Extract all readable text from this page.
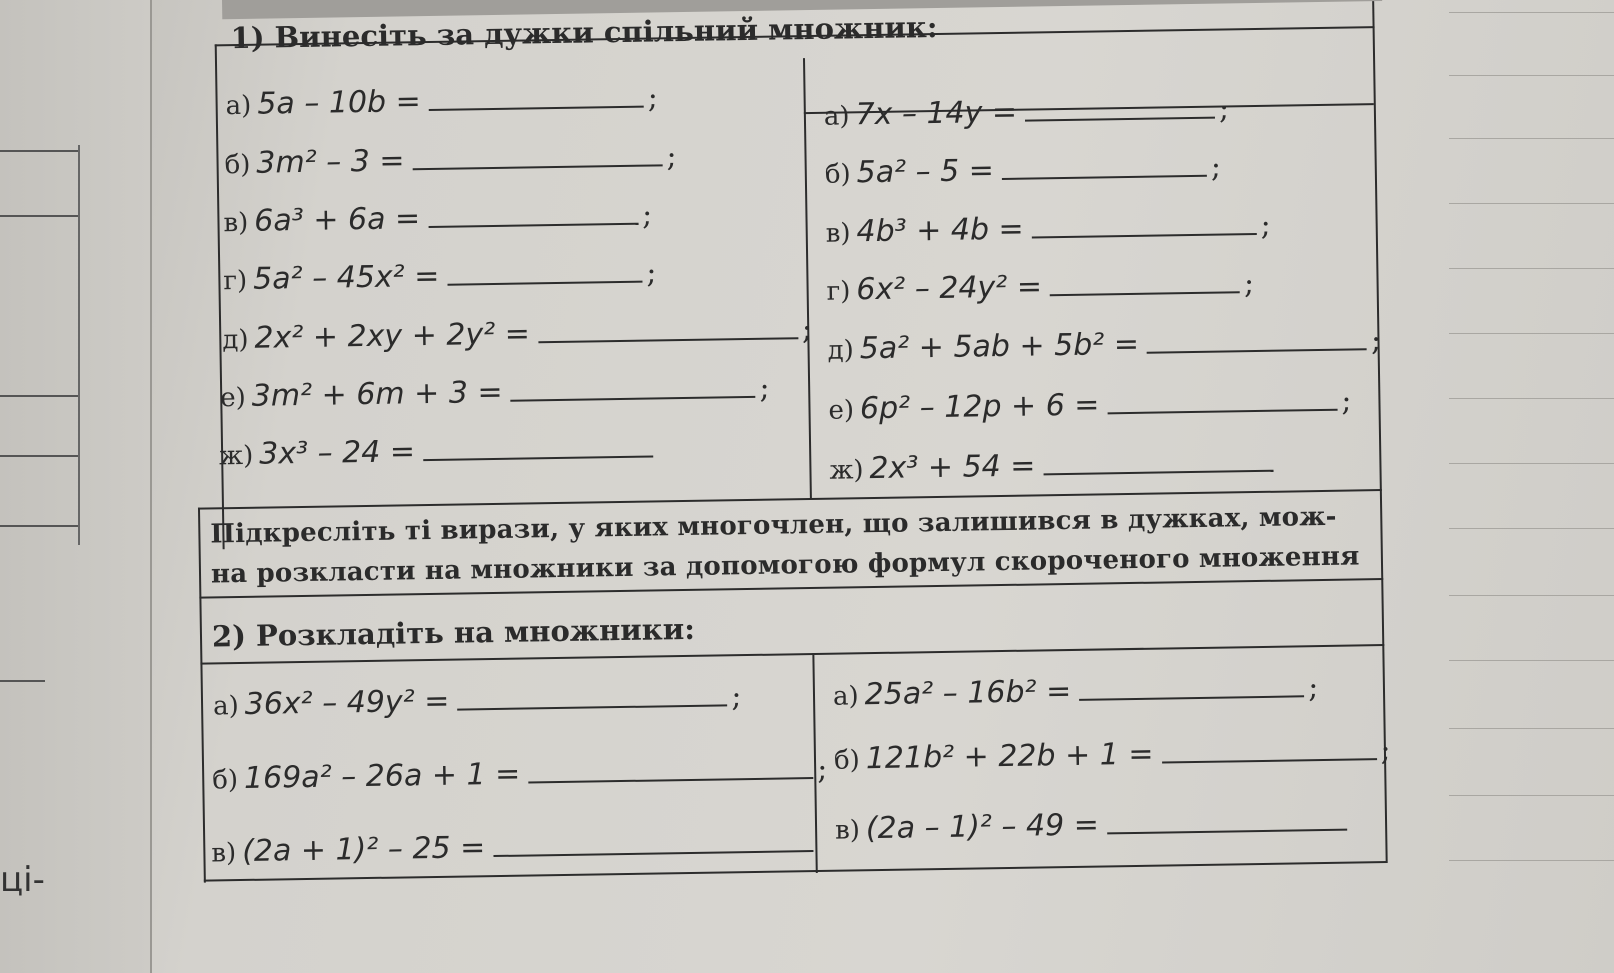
ці-
1) Винесіть за дужки спільний множник:
а) 5a – 10b =	;
б) 3m² – 3 =	;
в) 6a³ + 6a =	;
г) 5a² – 45x² =	;
д) 2x² + 2xy + 2y² =	;
е) 3m² + 6m + 3 =	;
ж) 3x³ – 24 =
а) 7x – 14y =	;
б) 5a² – 5 =	;
в) 4b³ + 4b =	;
г) 6x² – 24y² =	;
д) 5a² + 5ab + 5b² =	;
е) 6p² – 12p + 6 =	;
ж) 2x³ + 54 =
Підкресліть ті вирази, у яких многочлен, що залишився в дужках, мож-
на розкласти на множники за допомогою формул скороченого множення
2) Розкладіть на множники:
а) 36x² – 49y² =	;
б) 169a² – 26a + 1 =	;
в) (2a + 1)² – 25 =
а) 25a² – 16b² =	;
б) 121b² + 22b + 1 =	;
в) (2a – 1)² – 49 =
